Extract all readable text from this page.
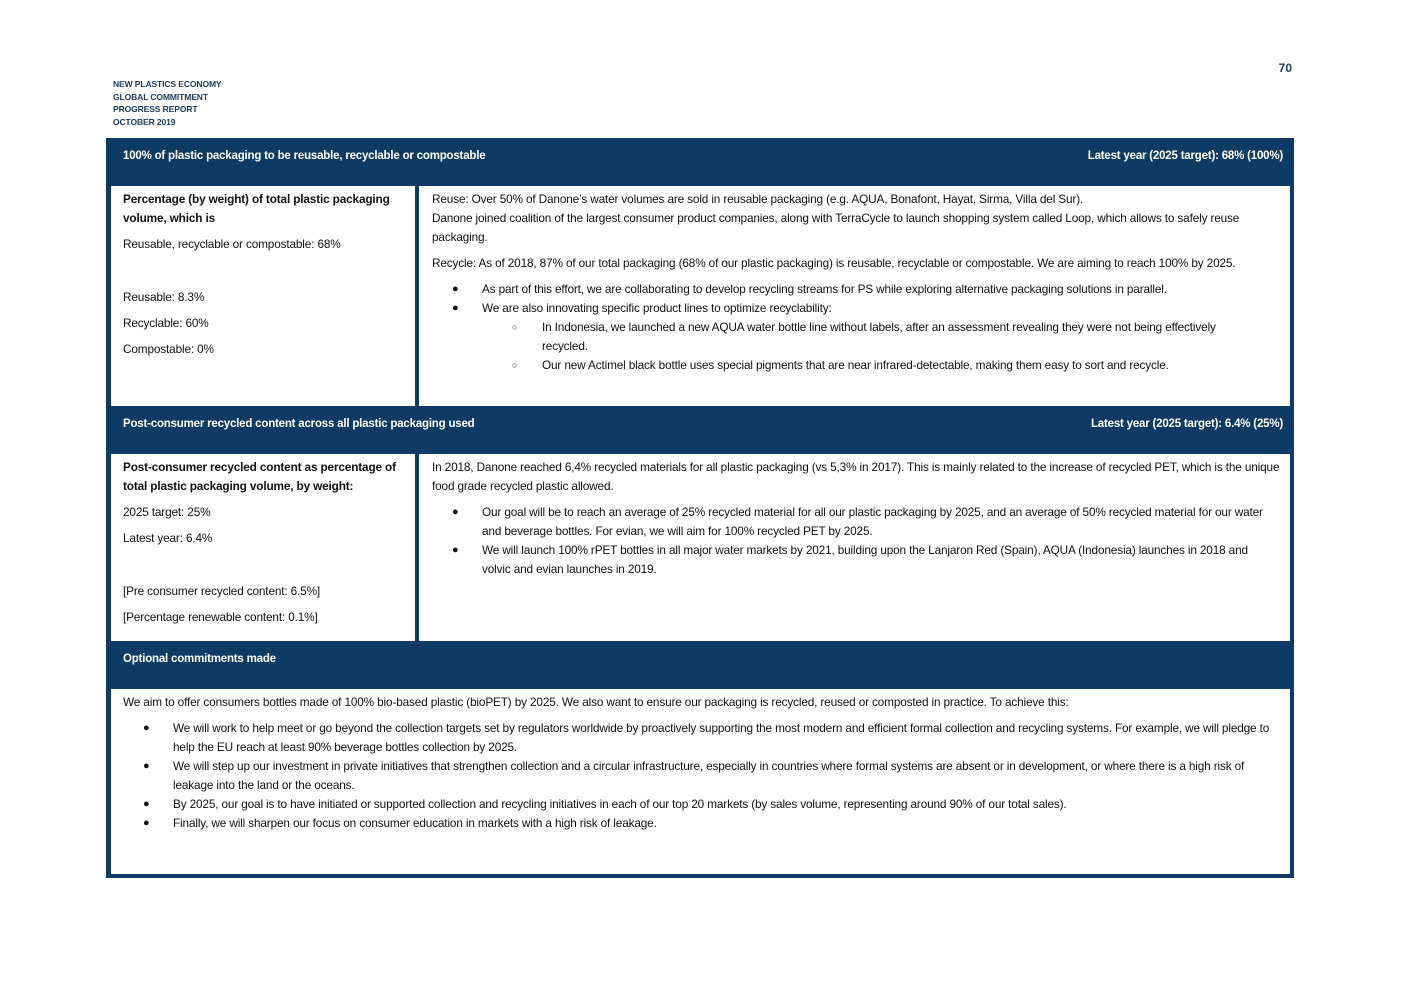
70
NEW PLASTICS ECONOMY
GLOBAL COMMITMENT
PROGRESS REPORT
OCTOBER 2019
100% of plastic packaging to be reusable, recyclable or compostable	Latest year (2025 target): 68% (100%)

Percentage (by weight) of total plastic packaging volume, which is

Reusable, recyclable or compostable: 68%

Reusable: 8.3%

Recyclable: 60%

Compostable: 0%

Reuse: Over 50% of Danone’s water volumes are sold in reusable packaging (e.g. AQUA, Bonafont, Hayat, Sirma, Villa del Sur).

Danone joined coalition of the largest consumer product companies, along with TerraCycle to launch shopping system called Loop, which allows to safely reuse packaging.

Recycle: As of 2018, 87% of our total packaging (68% of our plastic packaging) is reusable, recyclable or compostable. We are aiming to reach 100% by 2025.

● As part of this effort, we are collaborating to develop recycling streams for PS while exploring alternative packaging solutions in parallel.
● We are also innovating specific product lines to optimize recyclability:
○ In Indonesia, we launched a new AQUA water bottle line without labels, after an assessment revealing they were not being effectively recycled.
○ Our new Actimel black bottle uses special pigments that are near infrared-detectable, making them easy to sort and recycle.
Post-consumer recycled content across all plastic packaging used	Latest year (2025 target): 6.4% (25%)

Post-consumer recycled content as percentage of total plastic packaging volume, by weight:

2025 target: 25%

Latest year: 6.4%

[Pre consumer recycled content: 6.5%]

[Percentage renewable content: 0.1%]

In 2018, Danone reached 6,4% recycled materials for all plastic packaging (vs 5,3% in 2017). This is mainly related to the increase of recycled PET, which is the unique food grade recycled plastic allowed.

● Our goal will be to reach an average of 25% recycled material for all our plastic packaging by 2025, and an average of 50% recycled material for our water and beverage bottles. For evian, we will aim for 100% recycled PET by 2025.
● We will launch 100% rPET bottles in all major water markets by 2021, building upon the Lanjaron Red (Spain), AQUA (Indonesia) launches in 2018 and volvic and evian launches in 2019.
Optional commitments made

We aim to offer consumers bottles made of 100% bio-based plastic (bioPET) by 2025. We also want to ensure our packaging is recycled, reused or composted in practice. To achieve this:

● We will work to help meet or go beyond the collection targets set by regulators worldwide by proactively supporting the most modern and efficient formal collection and recycling systems. For example, we will pledge to help the EU reach at least 90% beverage bottles collection by 2025.
● We will step up our investment in private initiatives that strengthen collection and a circular infrastructure, especially in countries where formal systems are absent or in development, or where there is a high risk of leakage into the land or the oceans.
● By 2025, our goal is to have initiated or supported collection and recycling initiatives in each of our top 20 markets (by sales volume, representing around 90% of our total sales).
● Finally, we will sharpen our focus on consumer education in markets with a high risk of leakage.
